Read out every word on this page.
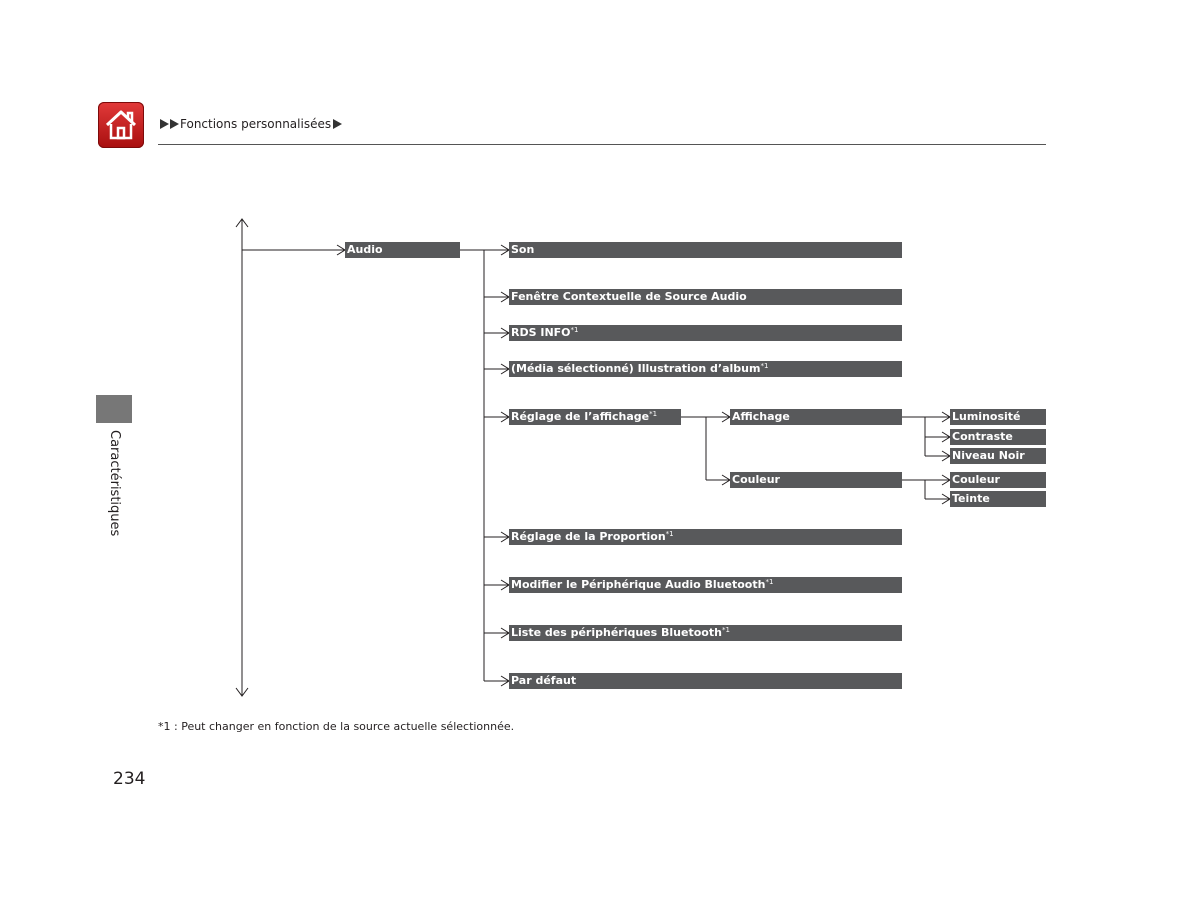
Fonctions personnalisées
Caractéristiques
Audio	Son
Fenêtre Contextuelle de Source Audio
RDS INFO$^{*1}$
(Média sélectionné) Illustration d’album$^{*1}$
Réglage de l’affichage$^{*1}$
Réglage de la Proportion$^{*1}$
Modifier le Périphérique Audio Bluetooth$^{*1}$
Liste des périphériques Bluetooth$^{*1}$
Par défaut
Affichage
Couleur
Luminosité
Contraste
Niveau Noir
Couleur
Teinte
*1 : Peut changer en fonction de la source actuelle sélectionnée.
234
